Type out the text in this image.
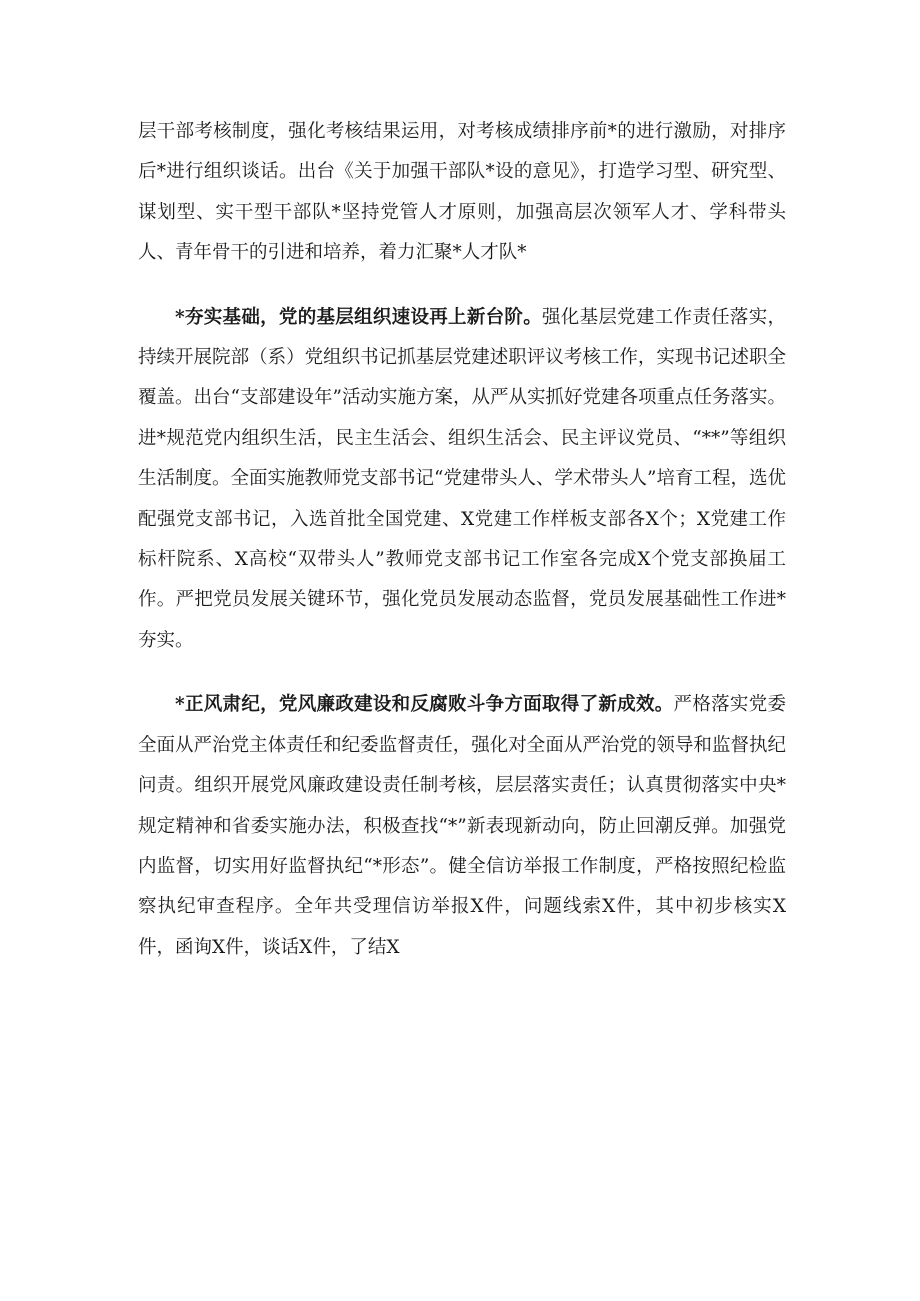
层干部考核制度，强化考核结果运用，对考核成绩排序前*的进行激励，对排序后*进行组织谈话。出台《关于加强干部队*设的意见》，打造学习型、研究型、谋划型、实干型干部队*坚持党管人才原则，加强高层次领军人才、学科带头人、青年骨干的引进和培养，着力汇聚*人才队*

*夯实基础，党的基层组织速设再上新台阶。强化基层党建工作责任落实，持续开展院部（系）党组织书记抓基层党建述职评议考核工作，实现书记述职全覆盖。出台“支部建设年”活动实施方案，从严从实抓好党建各项重点任务落实。进*规范党内组织生活，民主生活会、组织生活会、民主评议党员、“**”等组织生活制度。全面实施教师党支部书记“党建带头人、学术带头人”培育工程，选优配强党支部书记，入选首批全国党建、X党建工作样板支部各X个；X党建工作标杆院系、X高校“双带头人”教师党支部书记工作室各完成X个党支部换届工作。严把党员发展关键环节，强化党员发展动态监督，党员发展基础性工作进*夯实。

*正风肃纪，党风廉政建设和反腐败斗争方面取得了新成效。严格落实党委全面从严治党主体责任和纪委监督责任，强化对全面从严治党的领导和监督执纪问责。组织开展党风廉政建设责任制考核，层层落实责任；认真贯彻落实中央*规定精神和省委实施办法，积极查找“*”新表现新动向，防止回潮反弹。加强党内监督，切实用好监督执纪“*形态”。健全信访举报工作制度，严格按照纪检监察执纪审查程序。全年共受理信访举报X件，问题线索X件，其中初步核实X件，函询X件，谈话X件，了结X
